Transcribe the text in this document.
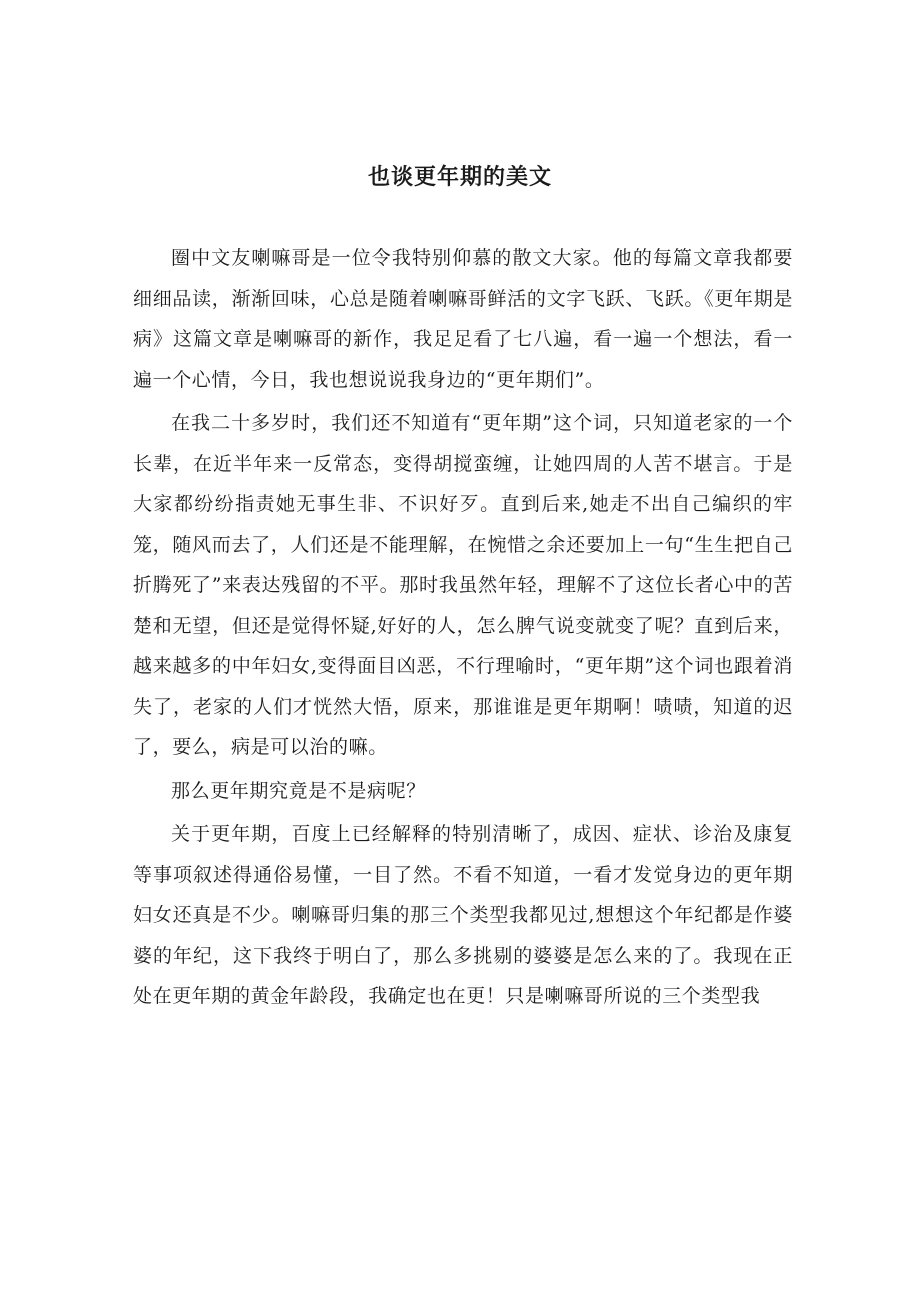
也谈更年期的美文

圈中文友喇嘛哥是一位令我特别仰慕的散文大家。他的每篇文章我都要细细品读，渐渐回味，心总是随着喇嘛哥鲜活的文字飞跃、飞跃。《更年期是病》这篇文章是喇嘛哥的新作，我足足看了七八遍，看一遍一个想法，看一遍一个心情，今日，我也想说说我身边的“更年期们”。

在我二十多岁时，我们还不知道有“更年期”这个词，只知道老家的一个长辈，在近半年来一反常态，变得胡搅蛮缠，让她四周的人苦不堪言。于是大家都纷纷指责她无事生非、不识好歹。直到后来,她走不出自己编织的牢笼，随风而去了，人们还是不能理解，在惋惜之余还要加上一句“生生把自己折腾死了”来表达残留的不平。那时我虽然年轻，理解不了这位长者心中的苦楚和无望，但还是觉得怀疑,好好的人，怎么脾气说变就变了呢？直到后来，越来越多的中年妇女,变得面目凶恶，不行理喻时，“更年期”这个词也跟着消失了，老家的人们才恍然大悟，原来，那谁谁是更年期啊！啧啧，知道的迟了，要么，病是可以治的嘛。

那么更年期究竟是不是病呢？

关于更年期，百度上已经解释的特别清晰了，成因、症状、诊治及康复等事项叙述得通俗易懂，一目了然。不看不知道，一看才发觉身边的更年期妇女还真是不少。喇嘛哥归集的那三个类型我都见过,想想这个年纪都是作婆婆的年纪，这下我终于明白了，那么多挑剔的婆婆是怎么来的了。我现在正处在更年期的黄金年龄段，我确定也在更！只是喇嘛哥所说的三个类型我
